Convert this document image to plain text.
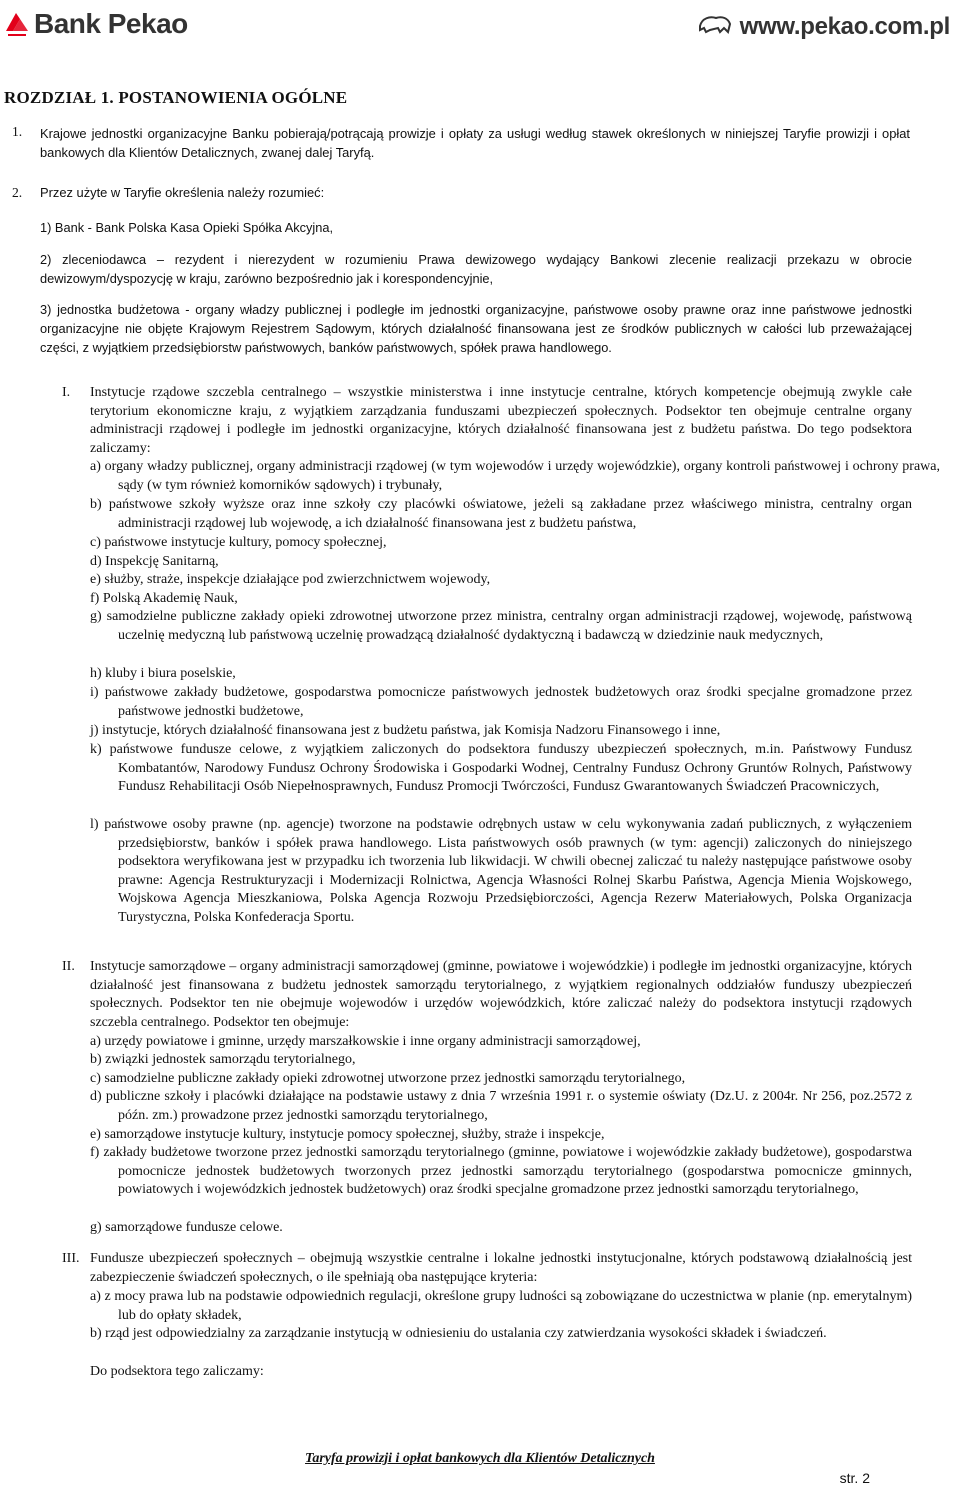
Bank Pekao	www.pekao.com.pl
ROZDZIAŁ 1. POSTANOWIENIA OGÓLNE
1.	Krajowe jednostki organizacyjne Banku pobierają/potrącają prowizje i opłaty za usługi według stawek określonych w niniejszej Taryfie prowizji i opłat bankowych dla Klientów Detalicznych, zwanej dalej Taryfą.
2.	Przez użyte w Taryfie określenia należy rozumieć:
1) Bank - Bank Polska Kasa Opieki Spółka Akcyjna,
2) zleceniodawca – rezydent i nierezydent w rozumieniu Prawa dewizowego wydający Bankowi zlecenie realizacji przekazu w obrocie dewizowym/dyspozycję w kraju, zarówno bezpośrednio jak i korespondencyjnie,
3) jednostka budżetowa - organy władzy publicznej i podległe im jednostki organizacyjne, państwowe osoby prawne oraz inne państwowe jednostki organizacyjne nie objęte Krajowym Rejestrem Sądowym, których działalność finansowana jest ze środków publicznych w całości lub przeważającej części, z wyjątkiem przedsiębiorstw państwowych, banków państwowych, spółek prawa handlowego.
I.	Instytucje rządowe szczebla centralnego – wszystkie ministerstwa i inne instytucje centralne, których kompetencje obejmują zwykle całe terytorium ekonomiczne kraju, z wyjątkiem zarządzania funduszami ubezpieczeń społecznych. Podsektor ten obejmuje centralne organy administracji rządowej i podległe im jednostki organizacyjne, których działalność finansowana jest z budżetu państwa. Do tego podsektora zaliczamy:
a) organy władzy publicznej, organy administracji rządowej (w tym wojewodów i urzędy wojewódzkie), organy kontroli państwowej i ochrony prawa, sądy (w tym również komorników sądowych) i trybunały,
b) państwowe szkoły wyższe oraz inne szkoły czy placówki oświatowe, jeżeli są zakładane przez właściwego ministra, centralny organ administracji rządowej lub wojewodę, a ich działalność finansowana jest z budżetu państwa,
c) państwowe instytucje kultury, pomocy społecznej,
d) Inspekcję Sanitarną,
e) służby, straże, inspekcje działające pod zwierzchnictwem wojewody,
f) Polską Akademię Nauk,
g) samodzielne publiczne zakłady opieki zdrowotnej utworzone przez ministra, centralny organ administracji rządowej, wojewodę, państwową uczelnię medyczną lub państwową uczelnię prowadzącą działalność dydaktyczną i badawczą w dziedzinie nauk medycznych,
h) kluby i biura poselskie,
i) państwowe zakłady budżetowe, gospodarstwa pomocnicze państwowych jednostek budżetowych oraz środki specjalne gromadzone przez państwowe jednostki budżetowe,
j) instytucje, których działalność finansowana jest z budżetu państwa, jak Komisja Nadzoru Finansowego i inne,
k) państwowe fundusze celowe, z wyjątkiem zaliczonych do podsektora funduszy ubezpieczeń społecznych, m.in. Państwowy Fundusz Kombatantów, Narodowy Fundusz Ochrony Środowiska i Gospodarki Wodnej, Centralny Fundusz Ochrony Gruntów Rolnych, Państwowy Fundusz Rehabilitacji Osób Niepełnosprawnych, Fundusz Promocji Twórczości, Fundusz Gwarantowanych Świadczeń Pracowniczych,
l) państwowe osoby prawne (np. agencje) tworzone na podstawie odrębnych ustaw w celu wykonywania zadań publicznych, z wyłączeniem przedsiębiorstw, banków i spółek prawa handlowego. Lista państwowych osób prawnych (w tym: agencji) zaliczonych do niniejszego podsektora weryfikowana jest w przypadku ich tworzenia lub likwidacji. W chwili obecnej zaliczać tu należy następujące państwowe osoby prawne: Agencja Restrukturyzacji i Modernizacji Rolnictwa, Agencja Własności Rolnej Skarbu Państwa, Agencja Mienia Wojskowego, Wojskowa Agencja Mieszkaniowa, Polska Agencja Rozwoju Przedsiębiorczości, Agencja Rezerw Materiałowych, Polska Organizacja Turystyczna, Polska Konfederacja Sportu.
II.	Instytucje samorządowe – organy administracji samorządowej (gminne, powiatowe i wojewódzkie) i podległe im jednostki organizacyjne, których działalność jest finansowana z budżetu jednostek samorządu terytorialnego, z wyjątkiem regionalnych oddziałów funduszy ubezpieczeń społecznych. Podsektor ten nie obejmuje wojewodów i urzędów wojewódzkich, które zaliczać należy do podsektora instytucji rządowych szczebla centralnego. Podsektor ten obejmuje:
a) urzędy powiatowe i gminne, urzędy marszałkowskie i inne organy administracji samorządowej,
b) związki jednostek samorządu terytorialnego,
c) samodzielne publiczne zakłady opieki zdrowotnej utworzone przez jednostki samorządu terytorialnego,
d) publiczne szkoły i placówki działające na podstawie ustawy z dnia 7 września 1991 r. o systemie oświaty (Dz.U. z 2004r. Nr 256, poz.2572 z późn. zm.) prowadzone przez jednostki samorządu terytorialnego,
e) samorządowe instytucje kultury, instytucje pomocy społecznej, służby, straże i inspekcje,
f) zakłady budżetowe tworzone przez jednostki samorządu terytorialnego (gminne, powiatowe i wojewódzkie zakłady budżetowe), gospodarstwa pomocnicze jednostek budżetowych tworzonych przez jednostki samorządu terytorialnego (gospodarstwa pomocnicze gminnych, powiatowych i wojewódzkich jednostek budżetowych) oraz środki specjalne gromadzone przez jednostki samorządu terytorialnego,
g) samorządowe fundusze celowe.
III. Fundusze ubezpieczeń społecznych – obejmują wszystkie centralne i lokalne jednostki instytucjonalne, których podstawową działalnością jest zabezpieczenie świadczeń społecznych, o ile spełniają oba następujące kryteria:
a) z mocy prawa lub na podstawie odpowiednich regulacji, określone grupy ludności są zobowiązane do uczestnictwa w planie (np. emerytalnym) lub do opłaty składek,
b) rząd jest odpowiedzialny za zarządzanie instytucją w odniesieniu do ustalania czy zatwierdzania wysokości składek i świadczeń.
Do podsektora tego zaliczamy:
Taryfa prowizji i opłat bankowych dla Klientów Detalicznych
str. 2
